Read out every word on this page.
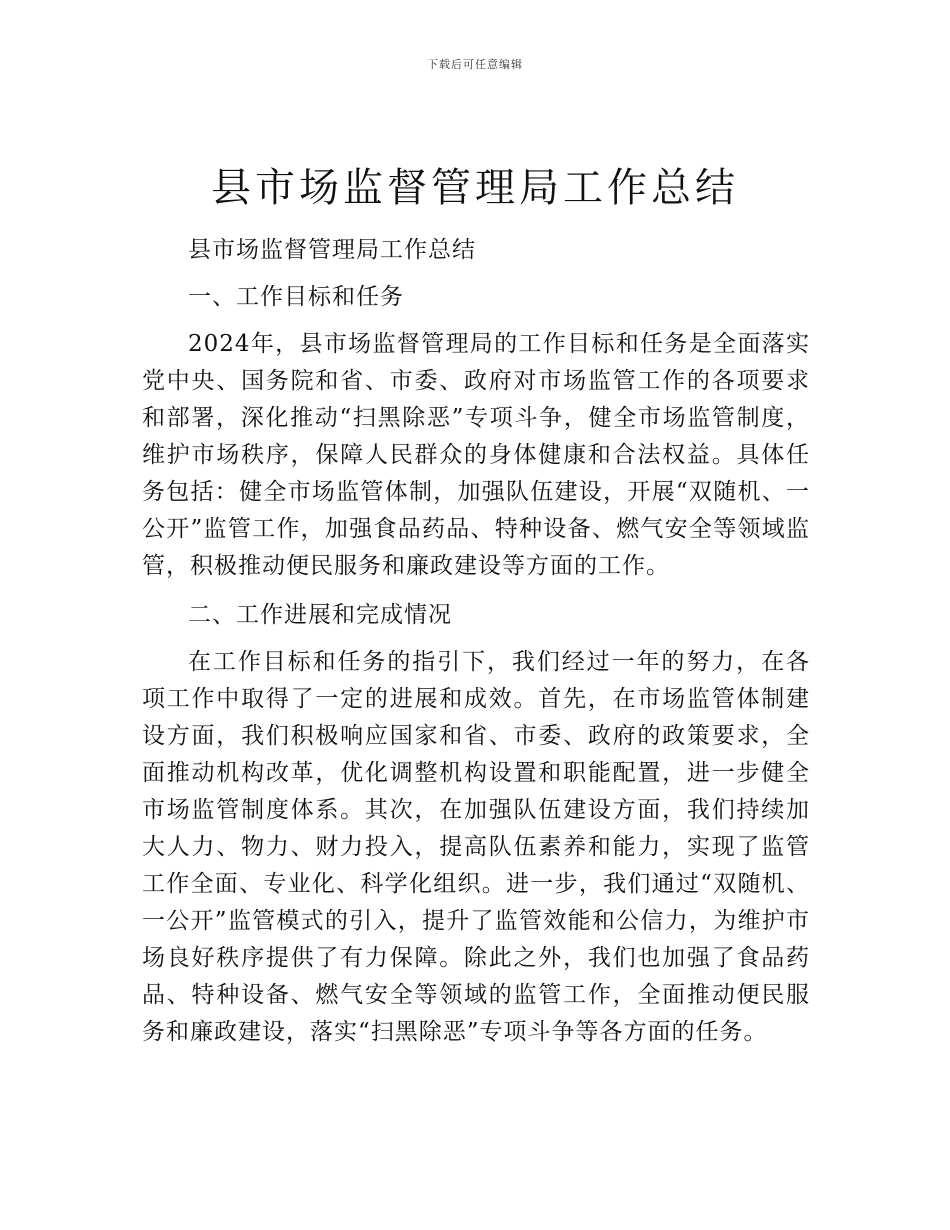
下载后可任意编辑
县市场监督管理局工作总结

县市场监督管理局工作总结

一、工作目标和任务

2024年，县市场监督管理局的工作目标和任务是全面落实党中央、国务院和省、市委、政府对市场监管工作的各项要求和部署，深化推动“扫黑除恶”专项斗争，健全市场监管制度，维护市场秩序，保障人民群众的身体健康和合法权益。具体任务包括：健全市场监管体制，加强队伍建设，开展“双随机、一公开”监管工作，加强食品药品、特种设备、燃气安全等领域监管，积极推动便民服务和廉政建设等方面的工作。

二、工作进展和完成情况

在工作目标和任务的指引下，我们经过一年的努力，在各项工作中取得了一定的进展和成效。首先，在市场监管体制建设方面，我们积极响应国家和省、市委、政府的政策要求，全面推动机构改革，优化调整机构设置和职能配置，进一步健全市场监管制度体系。其次，在加强队伍建设方面，我们持续加大人力、物力、财力投入，提高队伍素养和能力，实现了监管工作全面、专业化、科学化组织。进一步，我们通过“双随机、一公开”监管模式的引入，提升了监管效能和公信力，为维护市场良好秩序提供了有力保障。除此之外，我们也加强了食品药品、特种设备、燃气安全等领域的监管工作，全面推动便民服务和廉政建设，落实“扫黑除恶”专项斗争等各方面的任务。
